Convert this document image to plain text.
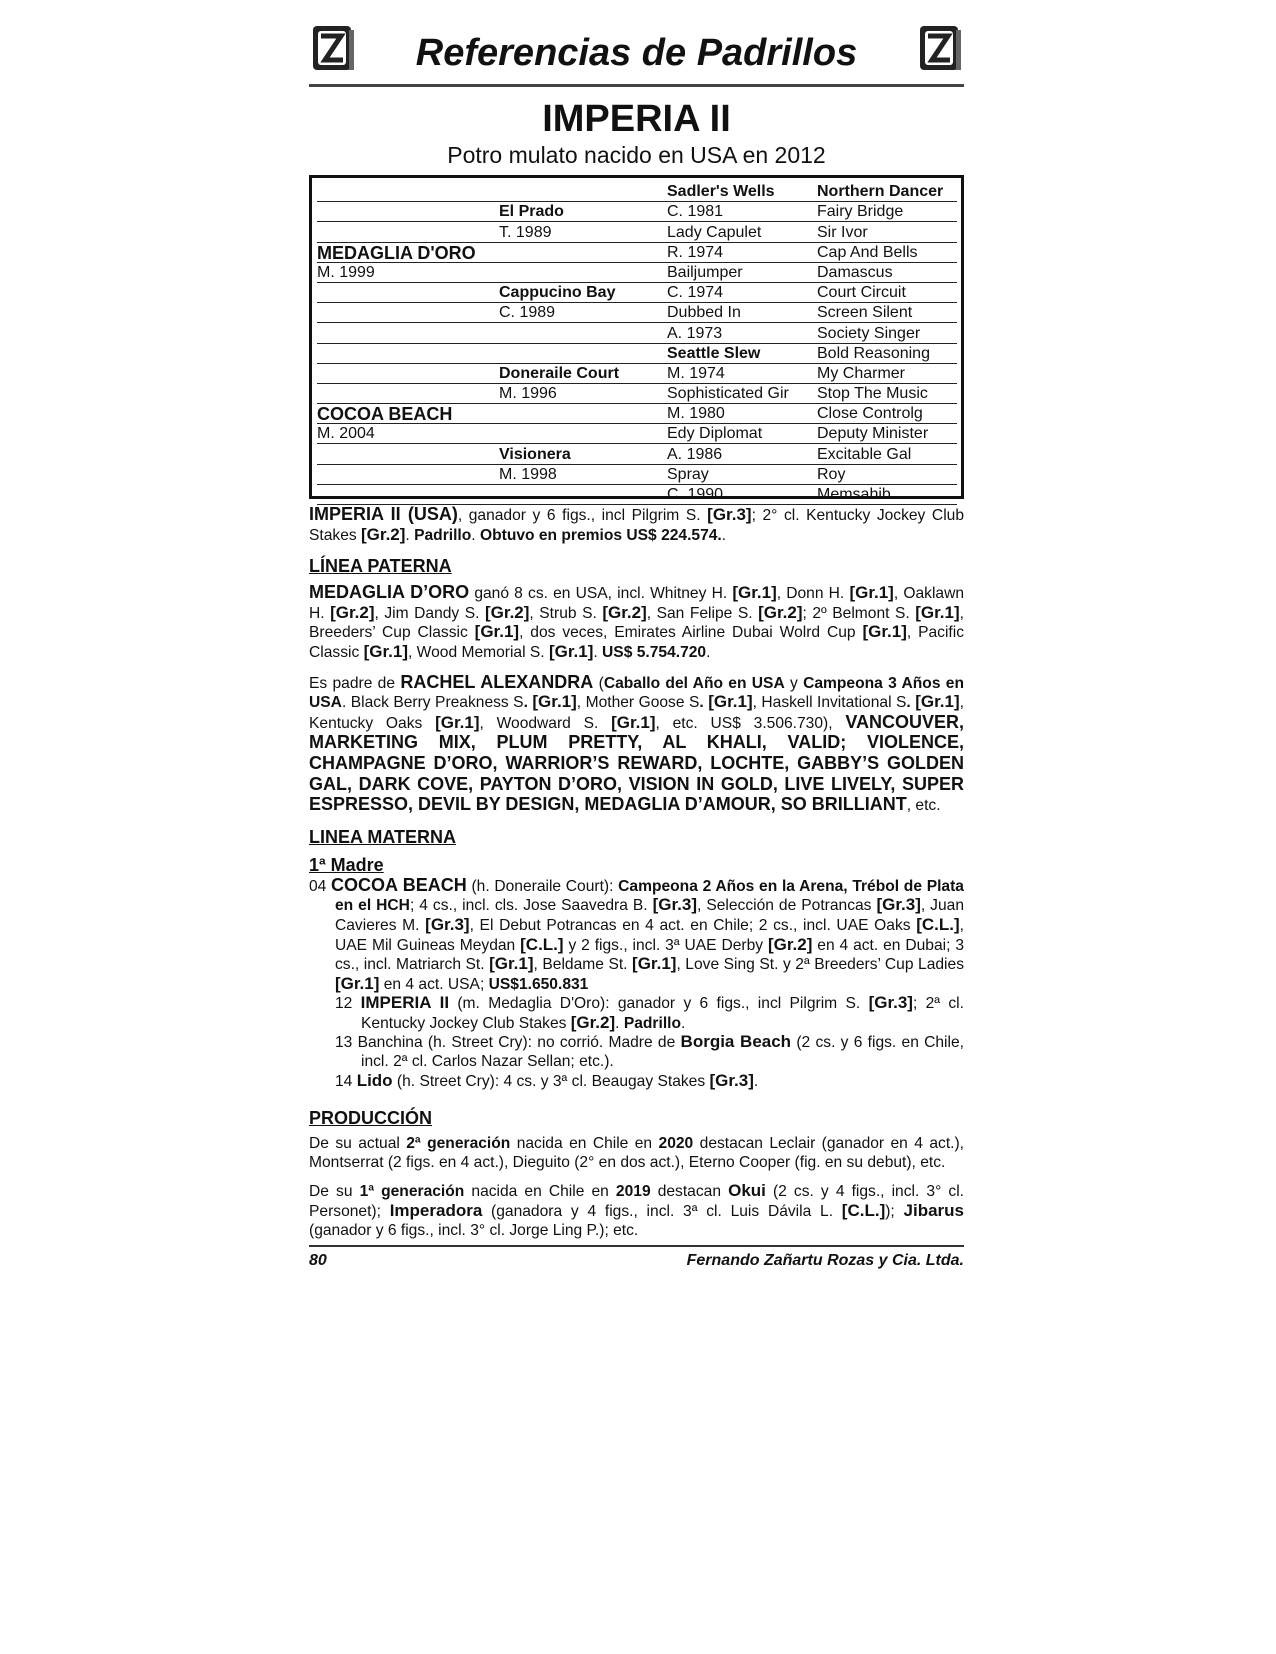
Referencias de Padrillos
IMPERIA II
Potro mulato nacido en USA en 2012
		Sadler's Wells	Northern Dancer
	El Prado	C. 1981	Fairy Bridge
	T. 1989	Lady Capulet	Sir Ivor
MEDAGLIA D'ORO		R. 1974	Cap And Bells
M. 1999		Bailjumper	Damascus
	Cappucino Bay	C. 1974	Court Circuit
	C. 1989	Dubbed In	Screen Silent
		A. 1973	Society Singer
		Seattle Slew	Bold Reasoning
	Doneraile Court	M. 1974	My Charmer
	M. 1996	Sophisticated Gir	Stop The Music
COCOA BEACH		M. 1980	Close Controlg
M. 2004		Edy Diplomat	Deputy Minister
	Visionera	A. 1986	Excitable Gal
	M. 1998	Spray	Roy
		C. 1990	Memsahib
IMPERIA II (USA), ganador y 6 figs., incl Pilgrim S. [Gr.3]; 2° cl. Kentucky Jockey Club Stakes [Gr.2]. Padrillo. Obtuvo en premios US$ 224.574..
LÍNEA PATERNA
MEDAGLIA D’ORO ganó 8 cs. en USA, incl. Whitney H. [Gr.1], Donn H. [Gr.1], Oaklawn H. [Gr.2], Jim Dandy S. [Gr.2], Strub S. [Gr.2], San Felipe S. [Gr.2]; 2º Belmont S. [Gr.1], Breeders’ Cup Classic [Gr.1], dos veces, Emirates Airline Dubai Wolrd Cup [Gr.1], Pacific Classic [Gr.1], Wood Memorial S. [Gr.1]. US$ 5.754.720.
Es padre de RACHEL ALEXANDRA (Caballo del Año en USA y Campeona 3 Años en USA. Black Berry Preakness S. [Gr.1], Mother Goose S. [Gr.1], Haskell Invitational S. [Gr.1], Kentucky Oaks [Gr.1], Woodward S. [Gr.1], etc. US$ 3.506.730), VANCOUVER, MARKETING MIX, PLUM PRETTY, AL KHALI, VALID; VIOLENCE, CHAMPAGNE D’ORO, WARRIOR’S REWARD, LOCHTE, GABBY’S GOLDEN GAL, DARK COVE, PAYTON D’ORO, VISION IN GOLD, LIVE LIVELY, SUPER ESPRESSO, DEVIL BY DESIGN, MEDAGLIA D’AMOUR, SO BRILLIANT, etc.
LINEA MATERNA
1ª Madre
04 COCOA BEACH (h. Doneraile Court): Campeona 2 Años en la Arena, Trébol de Plata en el HCH; 4 cs., incl. cls. Jose Saavedra B. [Gr.3], Selección de Potrancas [Gr.3], Juan Cavieres M. [Gr.3], El Debut Potrancas en 4 act. en Chile; 2 cs., incl. UAE Oaks [C.L.], UAE Mil Guineas Meydan [C.L.] y 2 figs., incl. 3ª UAE Derby [Gr.2] en 4 act. en Dubai; 3 cs., incl. Matriarch St. [Gr.1], Beldame St. [Gr.1], Love Sing St. y 2ª Breeders’ Cup Ladies [Gr.1] en 4 act. USA; US$1.650.831
12 IMPERIA II (m. Medaglia D'Oro): ganador y 6 figs., incl Pilgrim S. [Gr.3]; 2ª cl. Kentucky Jockey Club Stakes [Gr.2]. Padrillo.
13 Banchina (h. Street Cry): no corrió. Madre de Borgia Beach (2 cs. y 6 figs. en Chile, incl. 2ª cl. Carlos Nazar Sellan; etc.).
14 Lido (h. Street Cry): 4 cs. y 3ª cl. Beaugay Stakes [Gr.3].
PRODUCCIÓN
De su actual 2ª generación nacida en Chile en 2020 destacan Leclair (ganador en 4 act.), Montserrat (2 figs. en 4 act.), Dieguito (2° en dos act.), Eterno Cooper (fig. en su debut), etc.
De su 1ª generación nacida en Chile en 2019 destacan Okui (2 cs. y 4 figs., incl. 3° cl. Personet); Imperadora (ganadora y 4 figs., incl. 3ª cl. Luis Dávila L. [C.L.]); Jibarus (ganador y 6 figs., incl. 3° cl. Jorge Ling P.); etc.
80	Fernando Zañartu Rozas y Cia. Ltda.
